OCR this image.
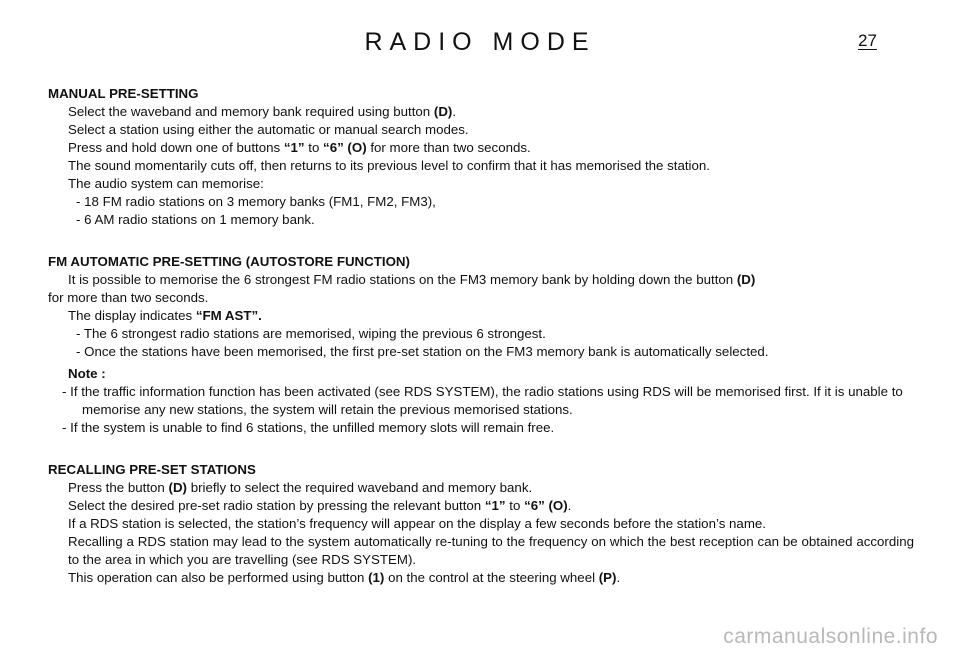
RADIO MODE	27
MANUAL PRE-SETTING
Select the waveband and memory bank required using button (D).
Select a station using either the automatic or manual search modes.
Press and hold down one of buttons “1” to “6” (O) for more than two seconds.
The sound momentarily cuts off, then returns to its previous level to confirm that it has memorised the station.
The audio system can memorise:
- 18 FM radio stations on 3 memory banks (FM1, FM2, FM3),
- 6 AM radio stations on 1 memory bank.
FM AUTOMATIC PRE-SETTING (AUTOSTORE FUNCTION)
It is possible to memorise the 6 strongest FM radio stations on the FM3 memory bank by holding down the button (D)
for more than two seconds.
The display indicates “FM AST”.
- The 6 strongest radio stations are memorised, wiping the previous 6 strongest.
- Once the stations have been memorised, the first pre-set station on the FM3 memory bank is automatically selected.
Note :
- If the traffic information function has been activated (see RDS SYSTEM), the radio stations using RDS will be memorised first. If it is unable to memorise any new stations, the system will retain the previous memorised stations.
- If the system is unable to find 6 stations, the unfilled memory slots will remain free.
RECALLING PRE-SET STATIONS
Press the button (D) briefly to select the required waveband and memory bank.
Select the desired pre-set radio station by pressing the relevant button “1” to “6” (O).
If a RDS station is selected, the station’s frequency will appear on the display a few seconds before the station’s name.
Recalling a RDS station may lead to the system automatically re-tuning to the frequency on which the best reception can be obtained according to the area in which you are travelling (see RDS SYSTEM).
This operation can also be performed using button (1) on the control at the steering wheel (P).
carmanualsonline.info
